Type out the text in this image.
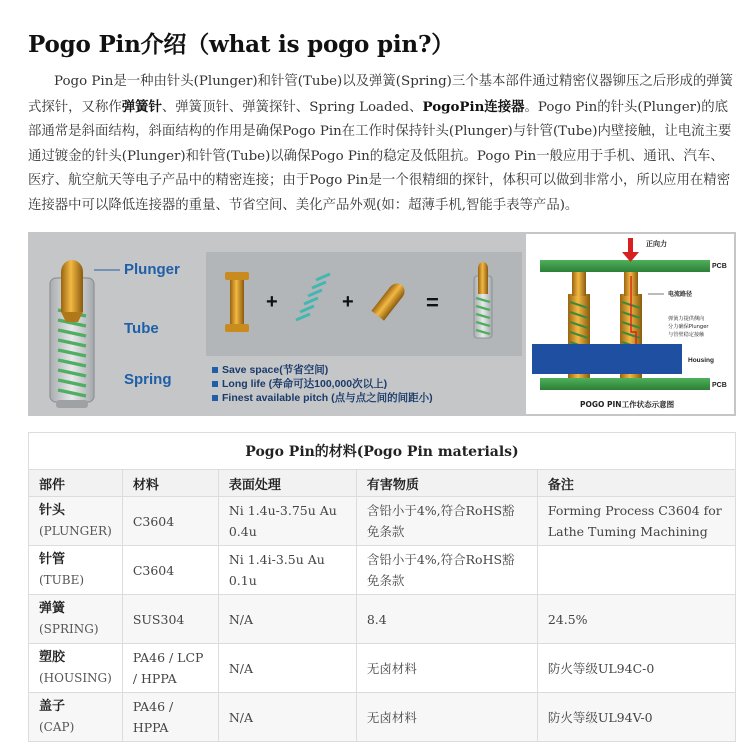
Pogo Pin介绍（what is pogo pin?）

Pogo Pin是一种由针头(Plunger)和针管(Tube)以及弹簧(Spring)三个基本部件通过精密仪器铆压之后形成的弹簧式探针，又称作弹簧针、弹簧顶针、弹簧探针、Spring Loaded、PogoPin连接器。Pogo Pin的针头(Plunger)的底部通常是斜面结构，斜面结构的作用是确保Pogo Pin在工作时保持针头(Plunger)与针管(Tube)内壁接触，让电流主要通过镀金的针头(Plunger)和针管(Tube)以确保Pogo Pin的稳定及低阻抗。Pogo Pin一般应用于手机、通讯、汽车、医疗、航空航天等电子产品中的精密连接；由于Pogo Pin是一个很精细的探针，体积可以做到非常小，所以应用在精密连接器中可以降低连接器的重量、节省空间、美化产品外观(如：超薄手机,智能手表等产品)。

Plunger
Tube
Spring
+	+	=
Save space(节省空间)
Long life (寿命可达100,000次以上)
Finest available pitch (点与点之间的间距小)
正向力
PCB
电流路径
弹簧力提供侧向
分力确保Plunger
与管壁稳定接触
Housing
PCB
POGO PIN工作状态示意图
Pogo Pin的材料(Pogo Pin materials)				
部件	材料	表面处理	有害物质	备注

针头
(PLUNGER)	C3604	Ni 1.4u-3.75u Au 0.4u	含铅小于4%,符合RoHS豁免条款	Forming Process C3604 for Lathe Tuming Machining

针管
(TUBE)	C3604	Ni 1.4i-3.5u Au 0.1u	含铅小于4%,符合RoHS豁免条款	

弹簧
(SPRING)	SUS304	N/A	8.4	24.5%

塑胶
(HOUSING)	PA46 / LCP / HPPA	N/A	无卤材料	防火等级UL94C-0

盖子
(CAP)	PA46 / HPPA	N/A	无卤材料	防火等级UL94V-0
